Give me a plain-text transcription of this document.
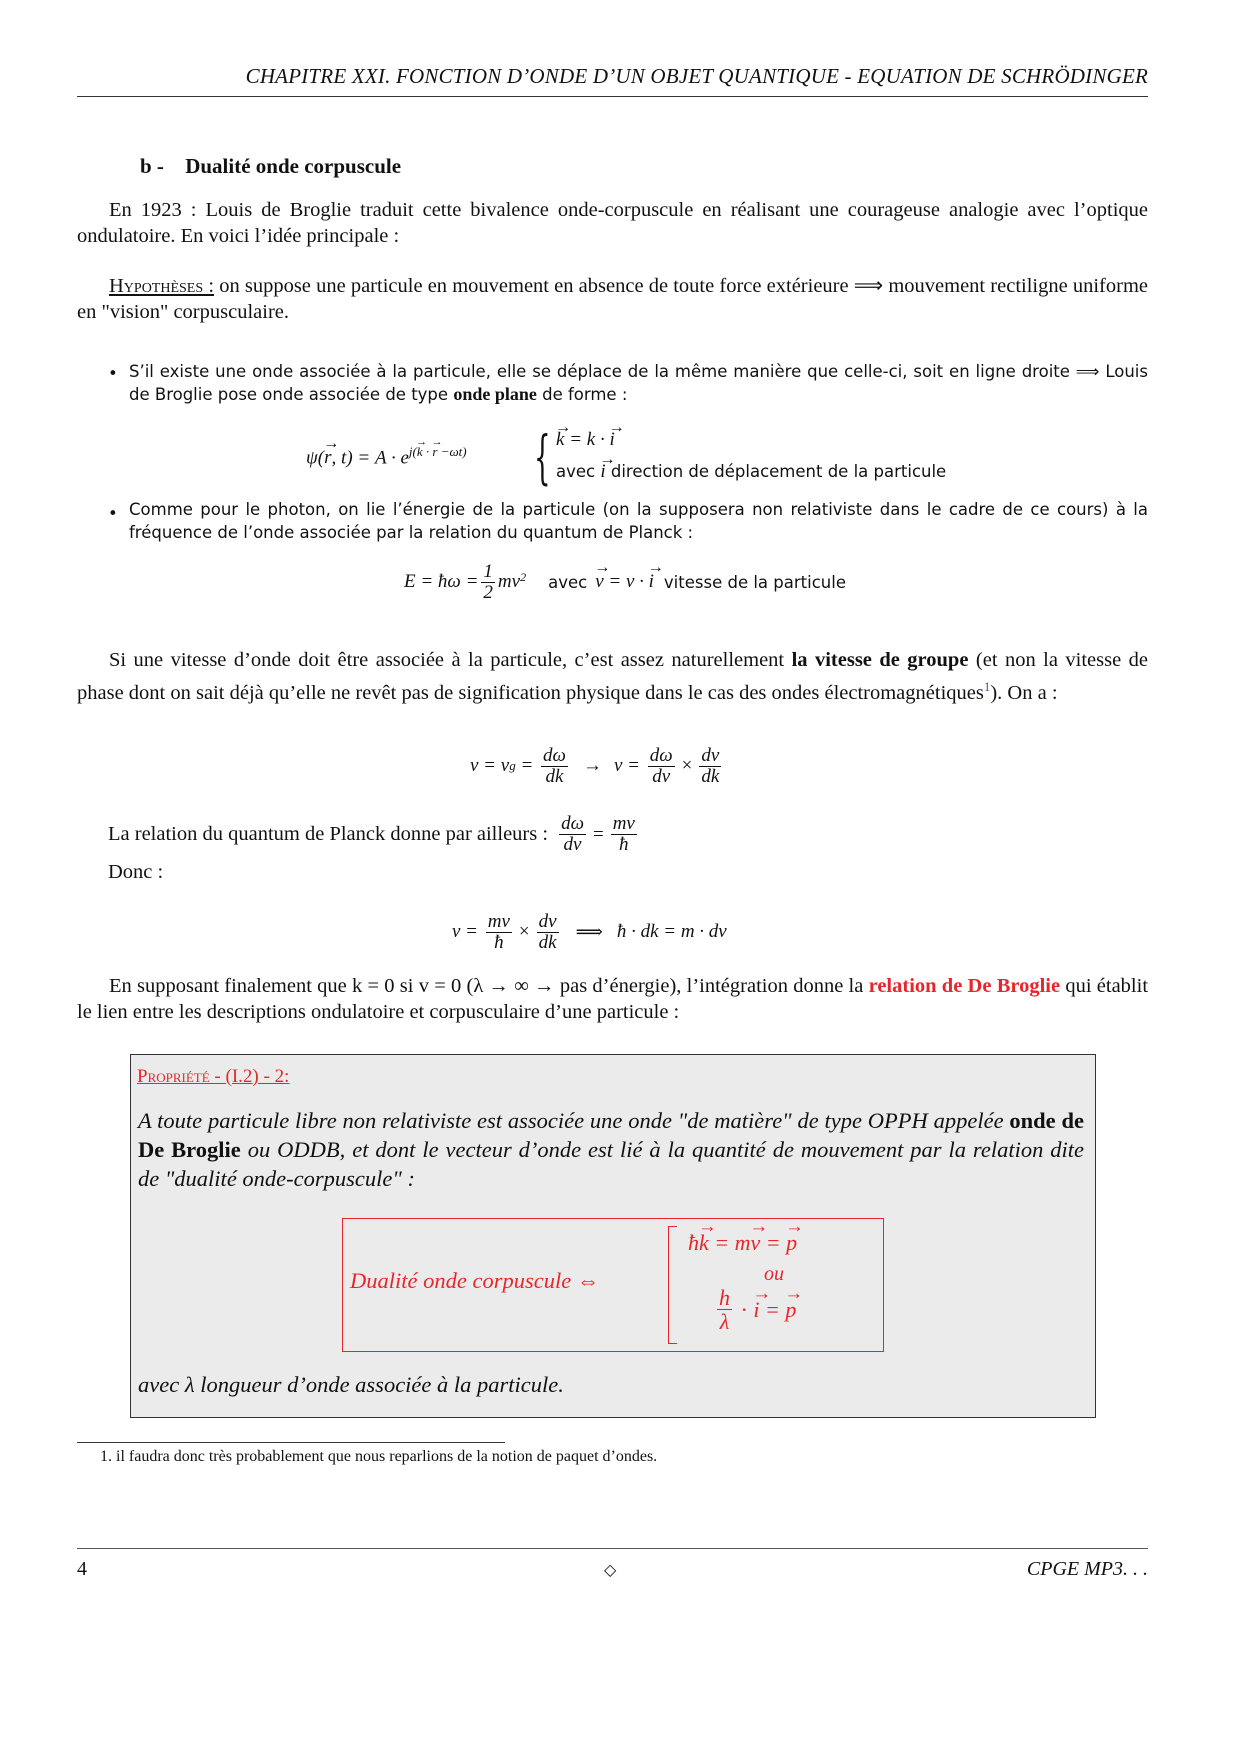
CHAPITRE XXI. FONCTION D’ONDE D’UN OBJET QUANTIQUE - EQUATION DE SCHRÖDINGER
b - Dualité onde corpuscule
En 1923 : Louis de Broglie traduit cette bivalence onde-corpuscule en réalisant une courageuse analogie avec l’optique ondulatoire. En voici l’idée principale :
Hypothèses : on suppose une particule en mouvement en absence de toute force extérieure ⟹ mouvement rectiligne uniforme en "vision" corpusculaire.
• S’il existe une onde associée à la particule, elle se déplace de la même manière que celle-ci, soit en ligne droite ⟹ Louis de Broglie pose onde associée de type onde plane de forme :
ψ(→ r, $t) = A \cdot e^{j(\to k \cdot \to r -\omega t)}$ { → k = k · → i
avec → i direction de déplacement de la particule
• Comme pour le photon, on lie l’énergie de la particule (on la supposera non relativiste dans le cadre de ce cours) à la fréquence de l’onde associée par la relation du quantum de Planck :
E = ħω = $\frac{1}{2} mv^2$ avec → v = v · → i vitesse de la particule
Si une vitesse d’onde doit être associée à la particule, c’est assez naturellement la vitesse de groupe (et non la vitesse de phase dont on sait déjà qu’elle ne revêt pas de signification physique dans le cas des ondes électromagnétiques$^1$). On a :
v = v $g = \frac{d\omega}{dk} \to v = \frac{d\omega}{dv} \times \frac{dv}{dk}$
La relation du quantum de Planck donne par ailleurs : $\frac{d\omega}{dv} = \frac{mv}{ħ}$
Donc :
$v = \frac{mv}{ħ} \times \frac{dv}{dk}$ ⟹ ħ · dk = m · dv
En supposant finalement que k = 0 si v = 0 (λ → ∞ → pas d’énergie), l’intégration donne la relation de De Broglie qui établit le lien entre les descriptions ondulatoire et corpusculaire d’une particule :
Propriété - (I.2) - 2:
A toute particule libre non relativiste est associée une onde "de matière" de type OPPH appelée onde de De Broglie ou ODDB, et dont le vecteur d’onde est lié à la quantité de mouvement par la relation dite de "dualité onde-corpuscule" :
Dualité onde corpuscule ⇔
ħ→ k = m→ v = → p
ou
$\frac{h}{\lambda}$ · → i = → p
avec λ longueur d’onde associée à la particule.
1. il faudra donc très probablement que nous reparlions de la notion de paquet d’ondes.
4	◇	CPGE MP3. . .
